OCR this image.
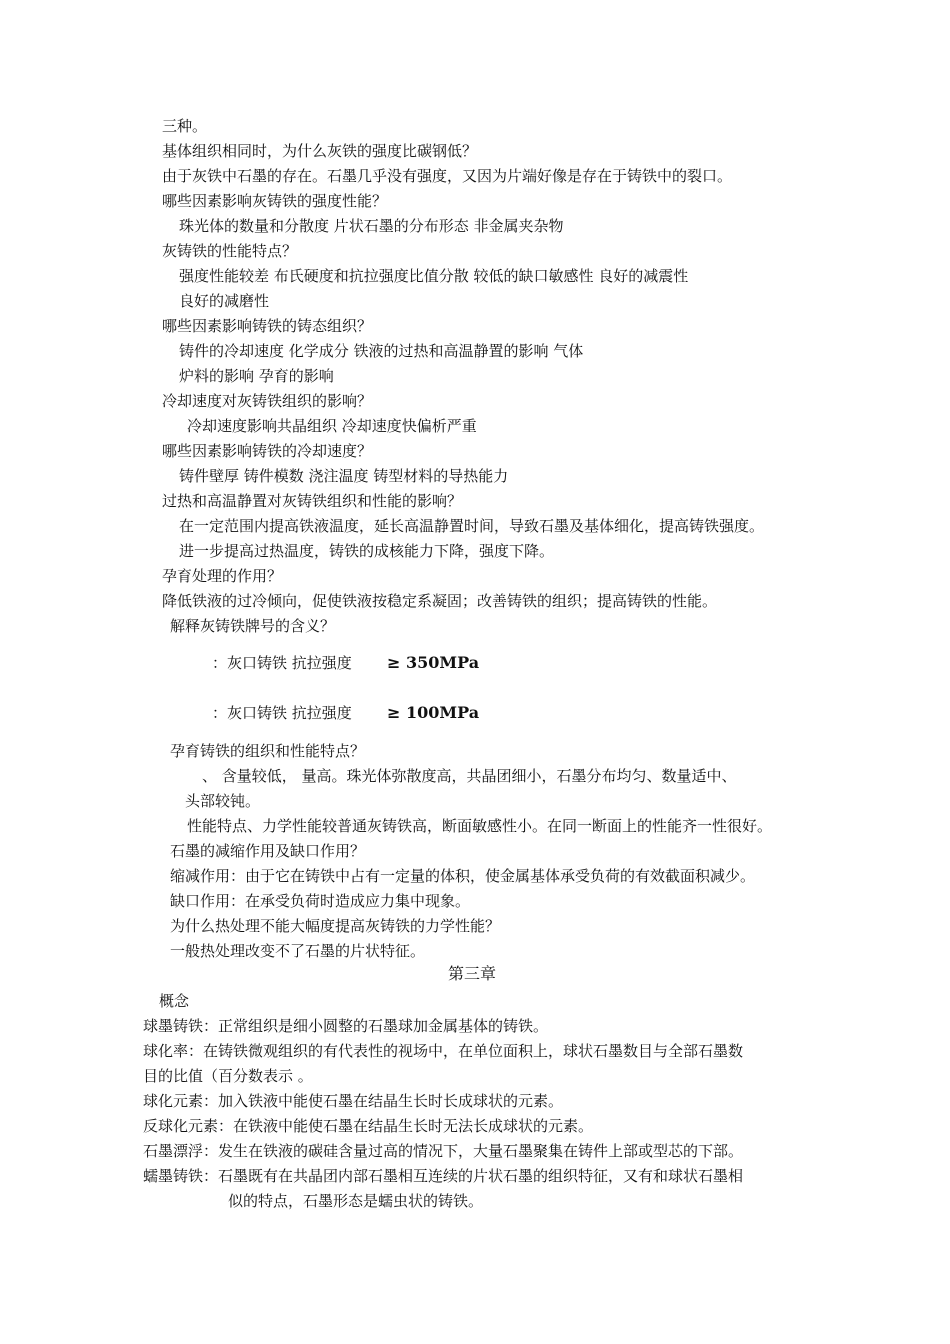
三种。
基体组织相同时，为什么灰铁的强度比碳钢低？
由于灰铁中石墨的存在。石墨几乎没有强度，又因为片端好像是存在于铸铁中的裂口。
哪些因素影响灰铸铁的强度性能？
珠光体的数量和分散度 片状石墨的分布形态 非金属夹杂物
灰铸铁的性能特点？
强度性能较差 布氏硬度和抗拉强度比值分散 较低的缺口敏感性 良好的减震性
良好的减磨性
哪些因素影响铸铁的铸态组织？
铸件的冷却速度 化学成分 铁液的过热和高温静置的影响 气体
炉料的影响 孕育的影响
冷却速度对灰铸铁组织的影响？
冷却速度影响共晶组织 冷却速度快偏析严重
哪些因素影响铸铁的冷却速度？
铸件壁厚 铸件模数 浇注温度 铸型材料的导热能力
过热和高温静置对灰铸铁组织和性能的影响？
在一定范围内提高铁液温度，延长高温静置时间，导致石墨及基体细化，提高铸铁强度。
进一步提高过热温度，铸铁的成核能力下降，强度下降。
孕育处理的作用？
降低铁液的过冷倾向，促使铁液按稳定系凝固；改善铸铁的组织；提高铸铁的性能。
解释灰铸铁牌号的含义？
：灰口铸铁 抗拉强度 ≥ 350MPa
：灰口铸铁 抗拉强度 ≥ 100MPa
孕育铸铁的组织和性能特点？
、 含量较低， 量高。珠光体弥散度高，共晶团细小，石墨分布均匀、数量适中、
头部较钝。
性能特点、力学性能较普通灰铸铁高，断面敏感性小。在同一断面上的性能齐一性很好。
石墨的减缩作用及缺口作用？
缩减作用：由于它在铸铁中占有一定量的体积，使金属基体承受负荷的有效截面积减少。
缺口作用：在承受负荷时造成应力集中现象。
为什么热处理不能大幅度提高灰铸铁的力学性能？
一般热处理改变不了石墨的片状特征。
第三章
概念
球墨铸铁：正常组织是细小圆整的石墨球加金属基体的铸铁。
球化率：在铸铁微观组织的有代表性的视场中，在单位面积上，球状石墨数目与全部石墨数
目的比值（百分数表示 。
球化元素：加入铁液中能使石墨在结晶生长时长成球状的元素。
反球化元素：在铁液中能使石墨在结晶生长时无法长成球状的元素。
石墨漂浮：发生在铁液的碳硅含量过高的情况下，大量石墨聚集在铸件上部或型芯的下部。
蠕墨铸铁：石墨既有在共晶团内部石墨相互连续的片状石墨的组织特征，又有和球状石墨相
似的特点，石墨形态是蠕虫状的铸铁。
